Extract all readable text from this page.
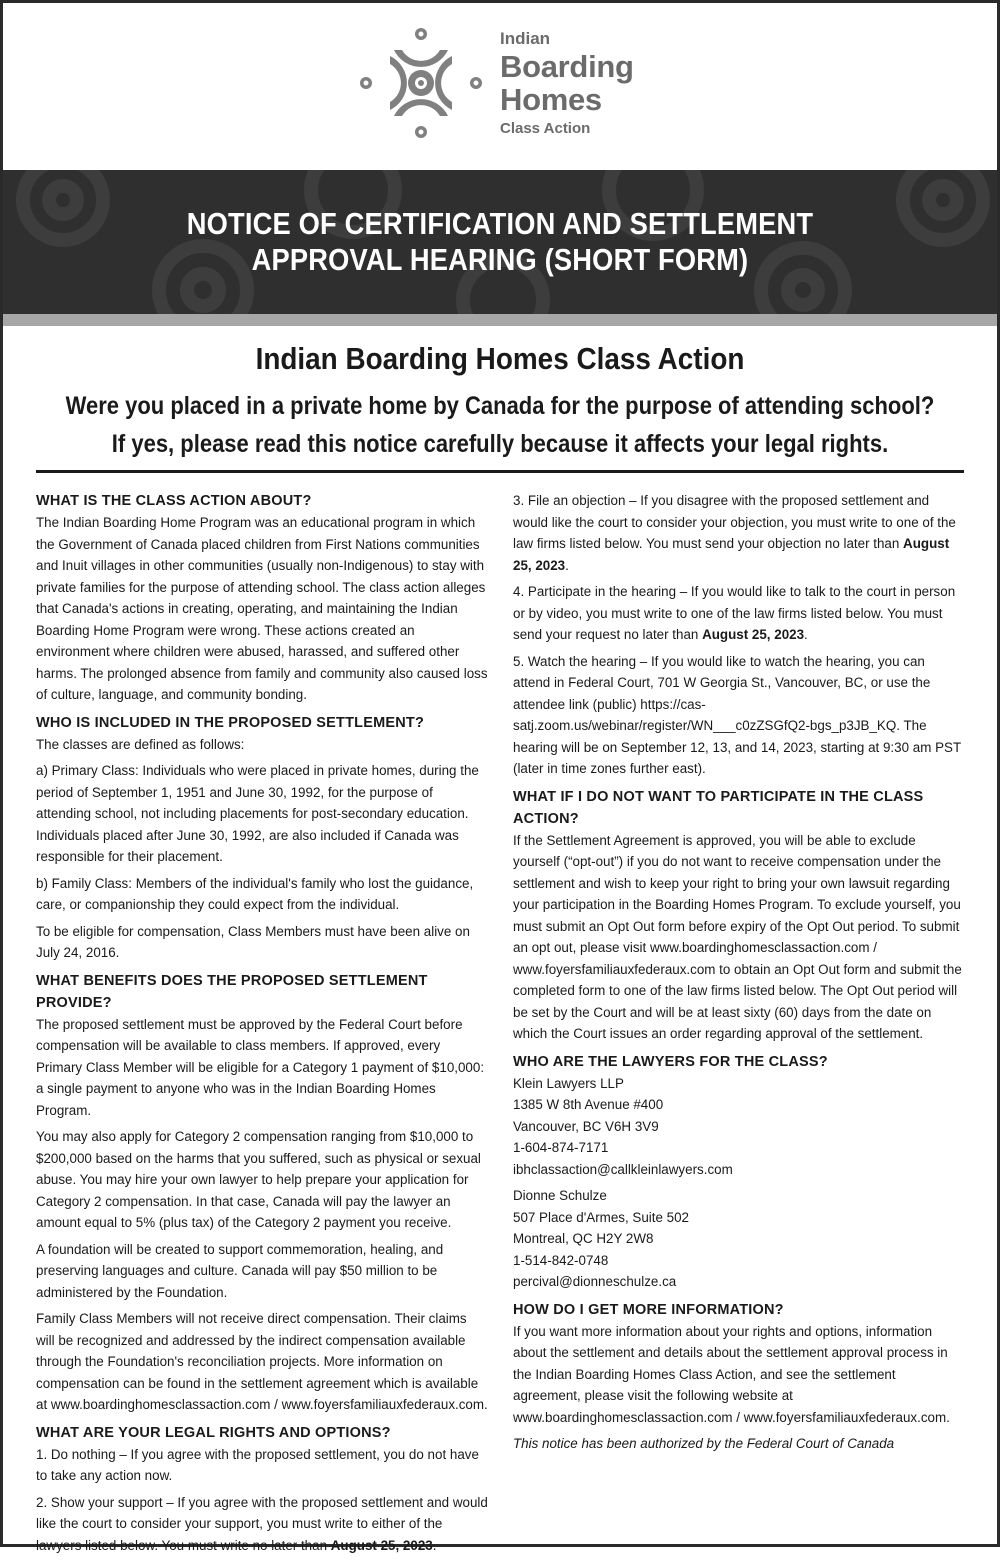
Indian
Boarding
Homes
Class Action
NOTICE OF CERTIFICATION AND SETTLEMENT
APPROVAL HEARING (SHORT FORM)
Indian Boarding Homes Class Action
Were you placed in a private home by Canada for the purpose of attending school?
If yes, please read this notice carefully because it affects your legal rights.
WHAT IS THE CLASS ACTION ABOUT?

The Indian Boarding Home Program was an educational program in which the Government of Canada placed children from First Nations communities and Inuit villages in other communities (usually non-Indigenous) to stay with private families for the purpose of attending school. The class action alleges that Canada's actions in creating, operating, and maintaining the Indian Boarding Home Program were wrong. These actions created an environment where children were abused, harassed, and suffered other harms. The prolonged absence from family and community also caused loss of culture, language, and community bonding.

WHO IS INCLUDED IN THE PROPOSED SETTLEMENT?

The classes are defined as follows:

a) Primary Class: Individuals who were placed in private homes, during the period of September 1, 1951 and June 30, 1992, for the purpose of attending school, not including placements for post-secondary education. Individuals placed after June 30, 1992, are also included if Canada was responsible for their placement.

b) Family Class: Members of the individual's family who lost the guidance, care, or companionship they could expect from the individual.

To be eligible for compensation, Class Members must have been alive on July 24, 2016.

WHAT BENEFITS DOES THE PROPOSED SETTLEMENT PROVIDE?

The proposed settlement must be approved by the Federal Court before compensation will be available to class members. If approved, every Primary Class Member will be eligible for a Category 1 payment of $10,000: a single payment to anyone who was in the Indian Boarding Homes Program.

You may also apply for Category 2 compensation ranging from $10,000 to $200,000 based on the harms that you suffered, such as physical or sexual abuse. You may hire your own lawyer to help prepare your application for Category 2 compensation. In that case, Canada will pay the lawyer an amount equal to 5% (plus tax) of the Category 2 payment you receive.

A foundation will be created to support commemoration, healing, and preserving languages and culture. Canada will pay $50 million to be administered by the Foundation.

Family Class Members will not receive direct compensation. Their claims will be recognized and addressed by the indirect compensation available through the Foundation's reconciliation projects. More information on compensation can be found in the settlement agreement which is available at www.boardinghomesclassaction.com / www.foyersfamiliauxfederaux.com.

WHAT ARE YOUR LEGAL RIGHTS AND OPTIONS?

1. Do nothing – If you agree with the proposed settlement, you do not have to take any action now.

2. Show your support – If you agree with the proposed settlement and would like the court to consider your support, you must write to either of the lawyers listed below. You must write no later than August 25, 2023.

3. File an objection – If you disagree with the proposed settlement and would like the court to consider your objection, you must write to one of the law firms listed below. You must send your objection no later than August 25, 2023.

4. Participate in the hearing – If you would like to talk to the court in person or by video, you must write to one of the law firms listed below. You must send your request no later than August 25, 2023.

5. Watch the hearing – If you would like to watch the hearing, you can attend in Federal Court, 701 W Georgia St., Vancouver, BC, or use the attendee link (public) https://cas-satj.zoom.us/webinar/register/WN___c0zZSGfQ2-bgs_p3JB_KQ. The hearing will be on September 12, 13, and 14, 2023, starting at 9:30 am PST (later in time zones further east).

WHAT IF I DO NOT WANT TO PARTICIPATE IN THE CLASS ACTION?

If the Settlement Agreement is approved, you will be able to exclude yourself (“opt-out”) if you do not want to receive compensation under the settlement and wish to keep your right to bring your own lawsuit regarding your participation in the Boarding Homes Program. To exclude yourself, you must submit an Opt Out form before expiry of the Opt Out period. To submit an opt out, please visit www.boardinghomesclassaction.com / www.foyersfamiliauxfederaux.com to obtain an Opt Out form and submit the completed form to one of the law firms listed below. The Opt Out period will be set by the Court and will be at least sixty (60) days from the date on which the Court issues an order regarding approval of the settlement.

WHO ARE THE LAWYERS FOR THE CLASS?
Klein Lawyers LLP
1385 W 8th Avenue #400
Vancouver, BC V6H 3V9
1-604-874-7171
ibhclassaction@callkleinlawyers.com
Dionne Schulze
507 Place d'Armes, Suite 502
Montreal, QC H2Y 2W8
1-514-842-0748
percival@dionneschulze.ca
HOW DO I GET MORE INFORMATION?

If you want more information about your rights and options, information about the settlement and details about the settlement approval process in the Indian Boarding Homes Class Action, and see the settlement agreement, please visit the following website at www.boardinghomesclassaction.com / www.foyersfamiliauxfederaux.com.

This notice has been authorized by the Federal Court of Canada
